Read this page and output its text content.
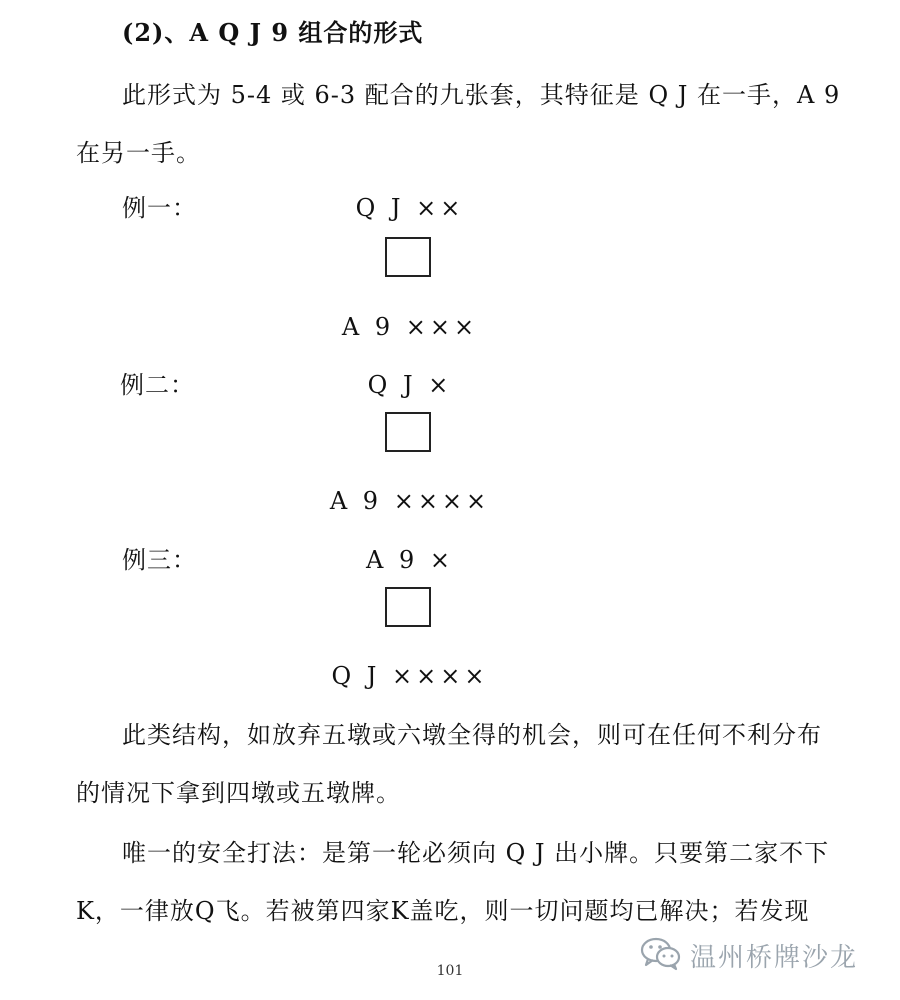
(2)、A Q J 9 组合的形式

此形式为 5-4 或 6-3 配合的九张套，其特征是 Q J 在一手，A 9

在另一手。

例一：	Q J ××
A 9 ×××
例二：	Q J ×
A 9 ××××
例三：	A 9 ×
Q J ××××

此类结构，如放弃五墩或六墩全得的机会，则可在任何不利分布

的情况下拿到四墩或五墩牌。

唯一的安全打法：是第一轮必须向 Q J 出小牌。只要第二家不下

K，一律放Q飞。若被第四家K盖吃，则一切问题均已解决；若发现

温州桥牌沙龙
101
